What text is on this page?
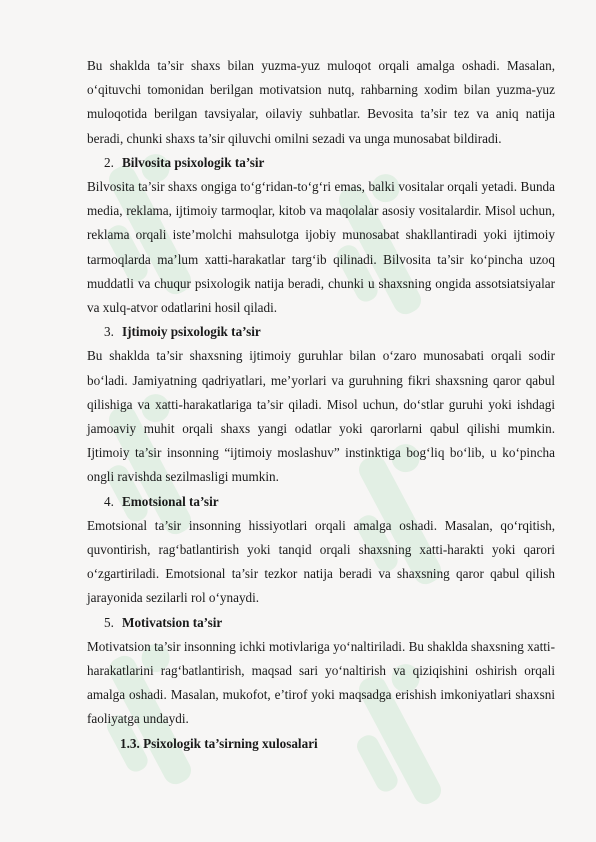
Bu shaklda ta’sir shaxs bilan yuzma-yuz muloqot orqali amalga oshadi. Masalan, o‘qituvchi tomonidan berilgan motivatsion nutq, rahbarning xodim bilan yuzma-yuz muloqotida berilgan tavsiyalar, oilaviy suhbatlar. Bevosita ta’sir tez va aniq natija beradi, chunki shaxs ta’sir qiluvchi omilni sezadi va unga munosabat bildiradi.

2. Bilvosita psixologik ta’sir

Bilvosita ta’sir shaxs ongiga to‘g‘ridan-to‘g‘ri emas, balki vositalar orqali yetadi. Bunda media, reklama, ijtimoiy tarmoqlar, kitob va maqolalar asosiy vositalardir. Misol uchun, reklama orqali iste’molchi mahsulotga ijobiy munosabat shakllantiradi yoki ijtimoiy tarmoqlarda ma’lum xatti-harakatlar targ‘ib qilinadi. Bilvosita ta’sir ko‘pincha uzoq muddatli va chuqur psixologik natija beradi, chunki u shaxsning ongida assotsiatsiyalar va xulq-atvor odatlarini hosil qiladi.

3. Ijtimoiy psixologik ta’sir

Bu shaklda ta’sir shaxsning ijtimoiy guruhlar bilan o‘zaro munosabati orqali sodir bo‘ladi. Jamiyatning qadriyatlari, me’yorlari va guruhning fikri shaxsning qaror qabul qilishiga va xatti-harakatlariga ta’sir qiladi. Misol uchun, do‘stlar guruhi yoki ishdagi jamoaviy muhit orqali shaxs yangi odatlar yoki qarorlarni qabul qilishi mumkin. Ijtimoiy ta’sir insonning “ijtimoiy moslashuv” instinktiga bog‘liq bo‘lib, u ko‘pincha ongli ravishda sezilmasligi mumkin.

4. Emotsional ta’sir

Emotsional ta’sir insonning hissiyotlari orqali amalga oshadi. Masalan, qo‘rqitish, quvontirish, rag‘batlantirish yoki tanqid orqali shaxsning xatti-harakti yoki qarori o‘zgartiriladi. Emotsional ta’sir tezkor natija beradi va shaxsning qaror qabul qilish jarayonida sezilarli rol o‘ynaydi.

5. Motivatsion ta’sir

Motivatsion ta’sir insonning ichki motivlariga yo‘naltiriladi. Bu shaklda shaxsning xatti-harakatlarini rag‘batlantirish, maqsad sari yo‘naltirish va qiziqishini oshirish orqali amalga oshadi. Masalan, mukofot, e’tirof yoki maqsadga erishish imkoniyatlari shaxsni faoliyatga undaydi.

1.3. Psixologik ta’sirning xulosalari
